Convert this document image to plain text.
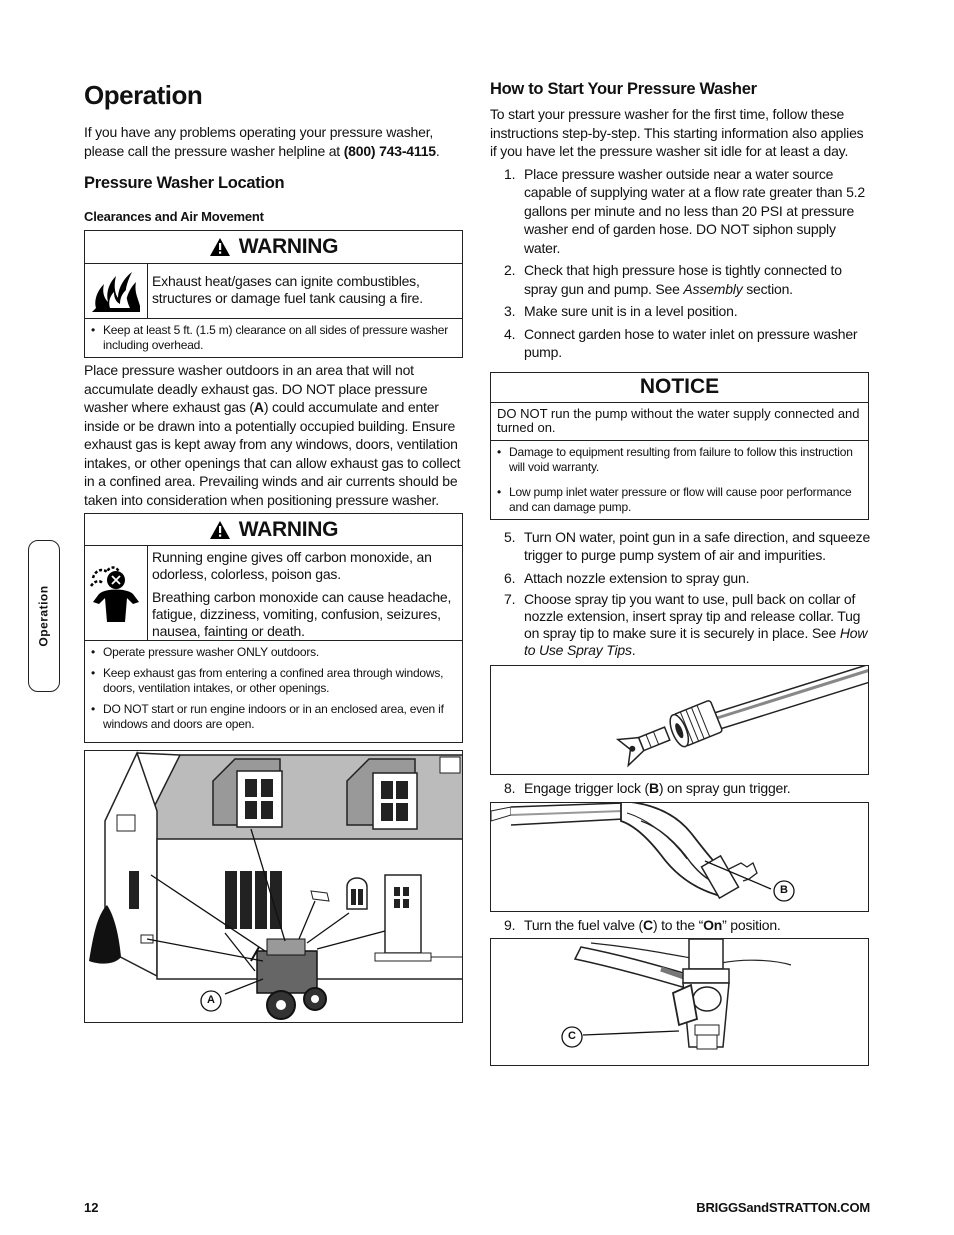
Operation
Operation

If you have any problems operating your pressure washer, please call the pressure washer helpline at (800) 743-4115.

Pressure Washer Location
Clearances and Air Movement
WARNING

Exhaust heat/gases can ignite combustibles, structures or damage fuel tank causing a fire.

• Keep at least 5 ft. (1.5 m) clearance on all sides of pressure washer including overhead.

Place pressure washer outdoors in an area that will not accumulate deadly exhaust gas. DO NOT place pressure washer where exhaust gas (A) could accumulate and enter inside or be drawn into a potentially occupied building. Ensure exhaust gas is kept away from any windows, doors, ventilation intakes, or other openings that can allow exhaust gas to collect in a confined area. Prevailing winds and air currents should be taken into consideration when positioning pressure washer.

WARNING

Running engine gives off carbon monoxide, an odorless, colorless, poison gas.

Breathing carbon monoxide can cause headache, fatigue, dizziness, vomiting, confusion, seizures, nausea, fainting or death.

• Operate pressure washer ONLY outdoors.
• Keep exhaust gas from entering a confined area through windows, doors, ventilation intakes, or other openings.
• DO NOT start or run engine indoors or in an enclosed area, even if windows and doors are open.
A
How to Start Your Pressure Washer

To start your pressure washer for the first time, follow these instructions step-by-step. This starting information also applies if you have let the pressure washer sit idle for at least a day.

1. Place pressure washer outside near a water source capable of supplying water at a flow rate greater than 5.2 gallons per minute and no less than 20 PSI at pressure washer end of garden hose. DO NOT siphon supply water.
2. Check that high pressure hose is tightly connected to spray gun and pump. See Assembly section.
3. Make sure unit is in a level position.
4. Connect garden hose to water inlet on pressure washer pump.
NOTICE
DO NOT run the pump without the water supply connected and turned on.
• Damage to equipment resulting from failure to follow this instruction will void warranty.
• Low pump inlet water pressure or flow will cause poor performance and can damage pump.
5. Turn ON water, point gun in a safe direction, and squeeze trigger to purge pump system of air and impurities.
6. Attach nozzle extension to spray gun.
7. Choose spray tip you want to use, pull back on collar of nozzle extension, insert spray tip and release collar. Tug on spray tip to make sure it is securely in place. See How to Use Spray Tips.
8. Engage trigger lock (B) on spray gun trigger.
B
9. Turn the fuel valve (C) to the “On” position.
C
12	BRIGGSandSTRATTON.COM
